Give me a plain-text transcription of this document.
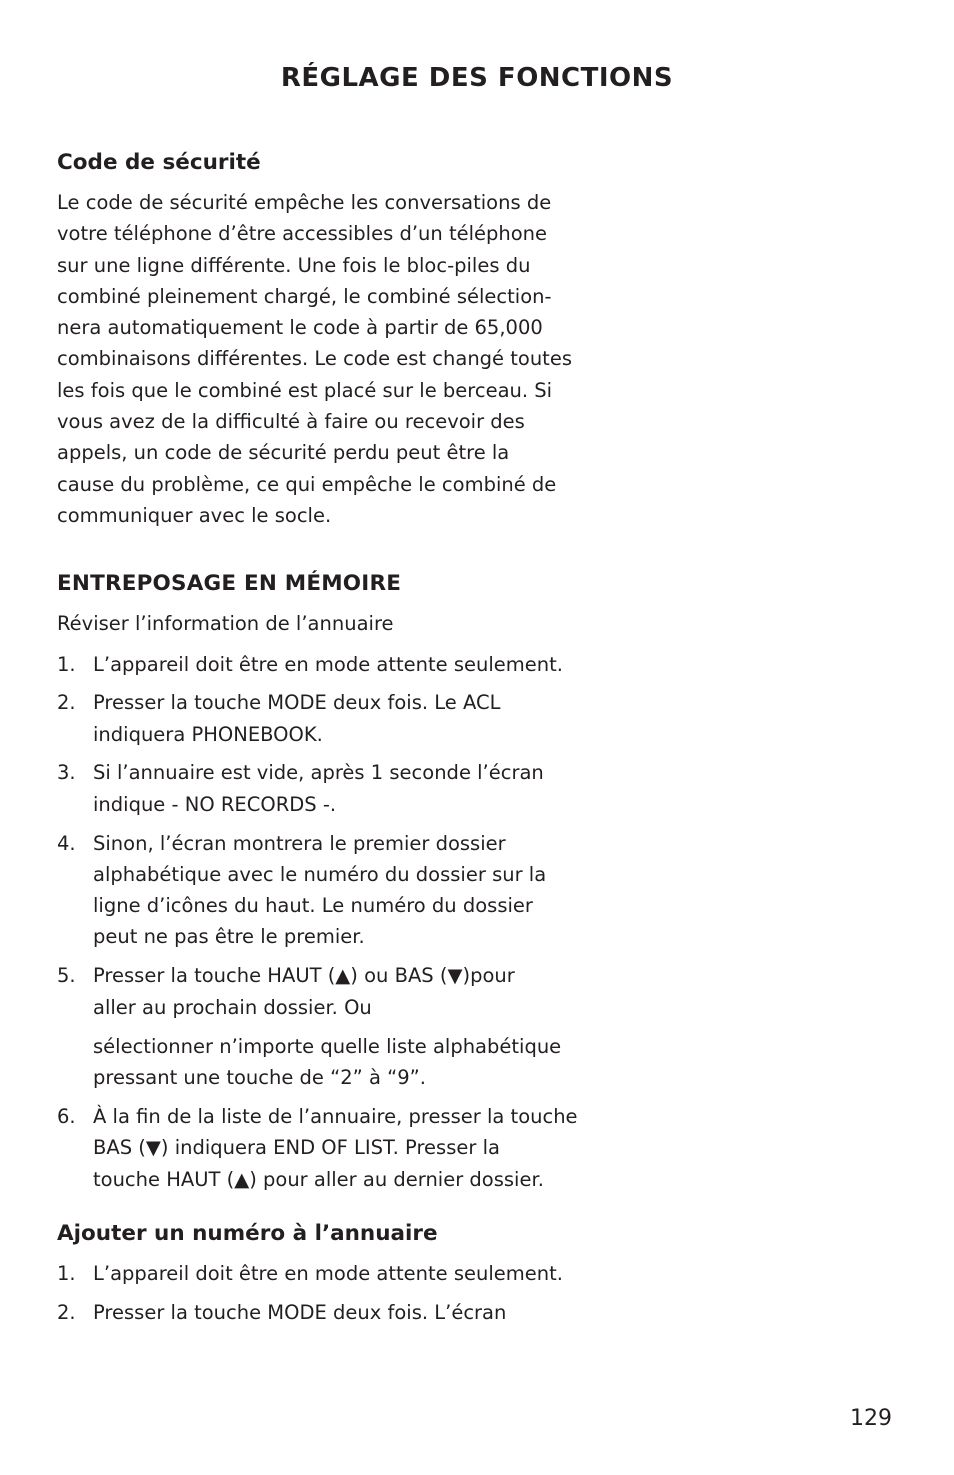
RÉGLAGE DES FONCTIONS
Code de sécurité

Le code de sécurité empêche les conversations de
votre téléphone d’être accessibles d’un téléphone
sur une ligne différente. Une fois le bloc-piles du
combiné pleinement chargé, le combiné sélection-
nera automatiquement le code à partir de 65,000
combinaisons différentes. Le code est changé toutes
les fois que le combiné est placé sur le berceau. Si
vous avez de la difficulté à faire ou recevoir des
appels, un code de sécurité perdu peut être la
cause du problème, ce qui empêche le combiné de
communiquer avec le socle.

ENTREPOSAGE EN MÉMOIRE
Réviser l’information de l’annuaire
1. L’appareil doit être en mode attente seulement.
2. Presser la touche MODE deux fois. Le ACL
indiquera PHONEBOOK.
3. Si l’annuaire est vide, après 1 seconde l’écran
indique - NO RECORDS -.
4. Sinon, l’écran montrera le premier dossier
alphabétique avec le numéro du dossier sur la
ligne d’icônes du haut. Le numéro du dossier
peut ne pas être le premier.
5. Presser la touche HAUT (▲) ou BAS (▼)pour
aller au prochain dossier. Ou
sélectionner n’importe quelle liste alphabétique
pressant une touche de “2” à “9”.
6. À la fin de la liste de l’annuaire, presser la touche
BAS (▼) indiquera END OF LIST. Presser la
touche HAUT (▲) pour aller au dernier dossier.
Ajouter un numéro à l’annuaire
1. L’appareil doit être en mode attente seulement.
2. Presser la touche MODE deux fois. L’écran
129
